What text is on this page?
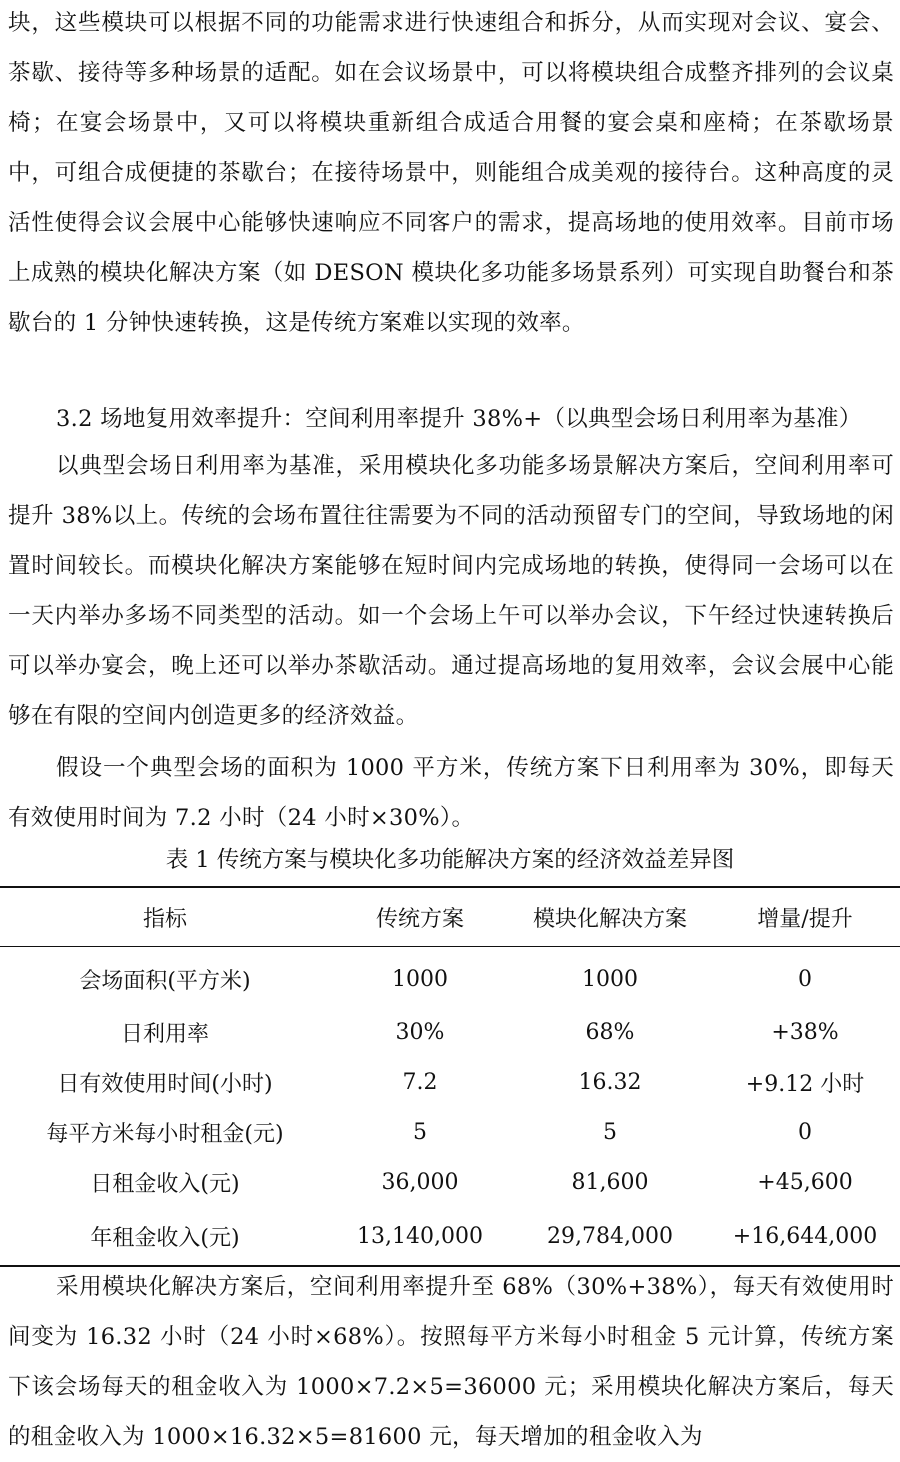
块，这些模块可以根据不同的功能需求进行快速组合和拆分，从而实现对会议、宴会、茶歇、接待等多种场景的适配。如在会议场景中，可以将模块组合成整齐排列的会议桌椅；在宴会场景中，又可以将模块重新组合成适合用餐的宴会桌和座椅；在茶歇场景中，可组合成便捷的茶歇台；在接待场景中，则能组合成美观的接待台。这种高度的灵活性使得会议会展中心能够快速响应不同客户的需求，提高场地的使用效率。目前市场上成熟的模块化解决方案（如 DESON 模块化多功能多场景系列）可实现自助餐台和茶歇台的 1 分钟快速转换，这是传统方案难以实现的效率。

3.2 场地复用效率提升：空间利用率提升 38%+（以典型会场日利用率为基准）

以典型会场日利用率为基准，采用模块化多功能多场景解决方案后，空间利用率可提升 38%以上。传统的会场布置往往需要为不同的活动预留专门的空间，导致场地的闲置时间较长。而模块化解决方案能够在短时间内完成场地的转换，使得同一会场可以在一天内举办多场不同类型的活动。如一个会场上午可以举办会议，下午经过快速转换后可以举办宴会，晚上还可以举办茶歇活动。通过提高场地的复用效率，会议会展中心能够在有限的空间内创造更多的经济效益。

假设一个典型会场的面积为 1000 平方米，传统方案下日利用率为 30%，即每天有效使用时间为 7.2 小时（24 小时×30%）。

表 1 传统方案与模块化多功能解决方案的经济效益差异图

指标	传统方案	模块化解决方案	增量/提升
会场面积(平方米)	1000	1000	0
日利用率	30%	68%	+38%
日有效使用时间(小时)	7.2	16.32	+9.12 小时
每平方米每小时租金(元)	5	5	0
日租金收入(元)	36,000	81,600	+45,600
年租金收入(元)	13,140,000	29,784,000	+16,644,000

采用模块化解决方案后，空间利用率提升至 68%（30%+38%），每天有效使用时间变为 16.32 小时（24 小时×68%）。按照每平方米每小时租金 5 元计算，传统方案下该会场每天的租金收入为 1000×7.2×5=36000 元；采用模块化解决方案后，每天的租金收入为 1000×16.32×5=81600 元，每天增加的租金收入为
